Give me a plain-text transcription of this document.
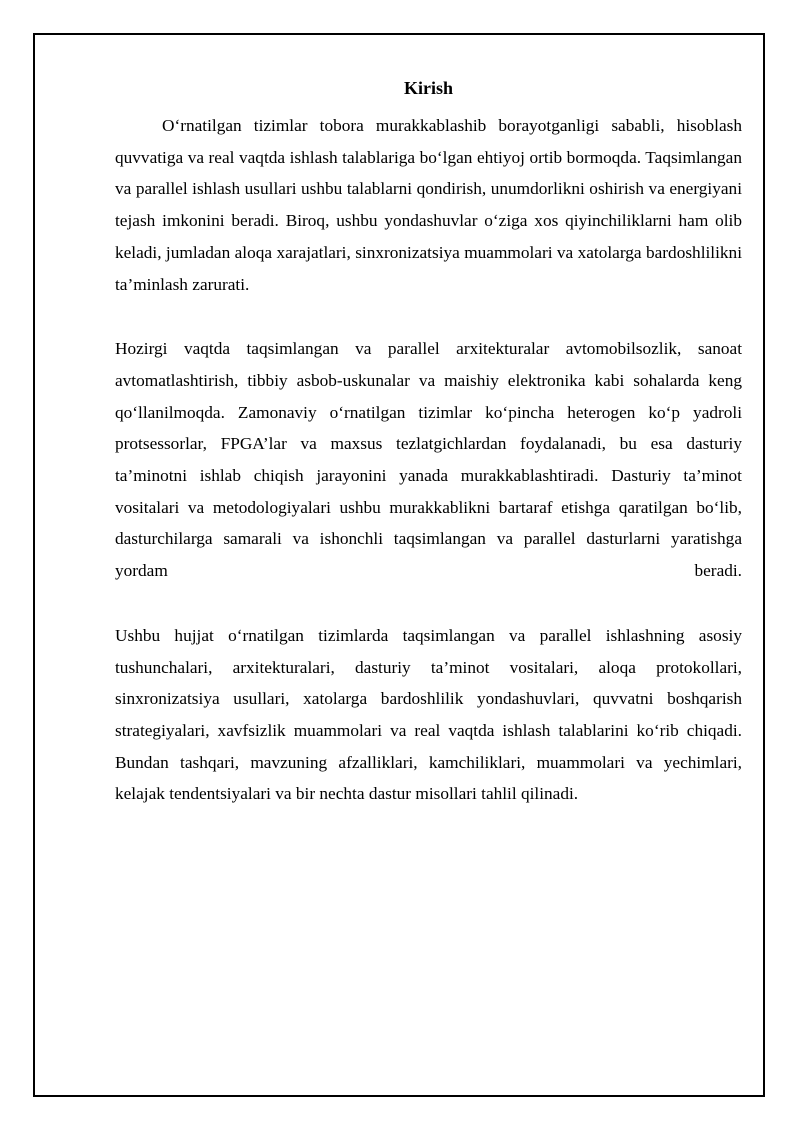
Kirish

O‘rnatilgan tizimlar tobora murakkablashib borayotganligi sababli, hisoblash quvvatiga va real vaqtda ishlash talablariga bo‘lgan ehtiyoj ortib bormoqda. Taqsimlangan va parallel ishlash usullari ushbu talablarni qondirish, unumdorlikni oshirish va energiyani tejash imkonini beradi. Biroq, ushbu yondashuvlar o‘ziga xos qiyinchiliklarni ham olib keladi, jumladan aloqa xarajatlari, sinxronizatsiya muammolari va xatolarga bardoshlilikni ta’minlash zarurati.

Hozirgi vaqtda taqsimlangan va parallel arxitekturalar avtomobilsozlik, sanoat avtomatlashtirish, tibbiy asbob-uskunalar va maishiy elektronika kabi sohalarda keng qo‘llanilmoqda. Zamonaviy o‘rnatilgan tizimlar ko‘pincha heterogen ko‘p yadroli protsessorlar, FPGA’lar va maxsus tezlatgichlardan foydalanadi, bu esa dasturiy ta’minotni ishlab chiqish jarayonini yanada murakkablashtiradi. Dasturiy ta’minot vositalari va metodologiyalari ushbu murakkablikni bartaraf etishga qaratilgan bo‘lib, dasturchilarga samarali va ishonchli taqsimlangan va parallel dasturlarni yaratishga yordam beradi.

Ushbu hujjat o‘rnatilgan tizimlarda taqsimlangan va parallel ishlashning asosiy tushunchalari, arxitekturalari, dasturiy ta’minot vositalari, aloqa protokollari, sinxronizatsiya usullari, xatolarga bardoshlilik yondashuvlari, quvvatni boshqarish strategiyalari, xavfsizlik muammolari va real vaqtda ishlash talablarini ko‘rib chiqadi. Bundan tashqari, mavzuning afzalliklari, kamchiliklari, muammolari va yechimlari, kelajak tendentsiyalari va bir nechta dastur misollari tahlil qilinadi.
